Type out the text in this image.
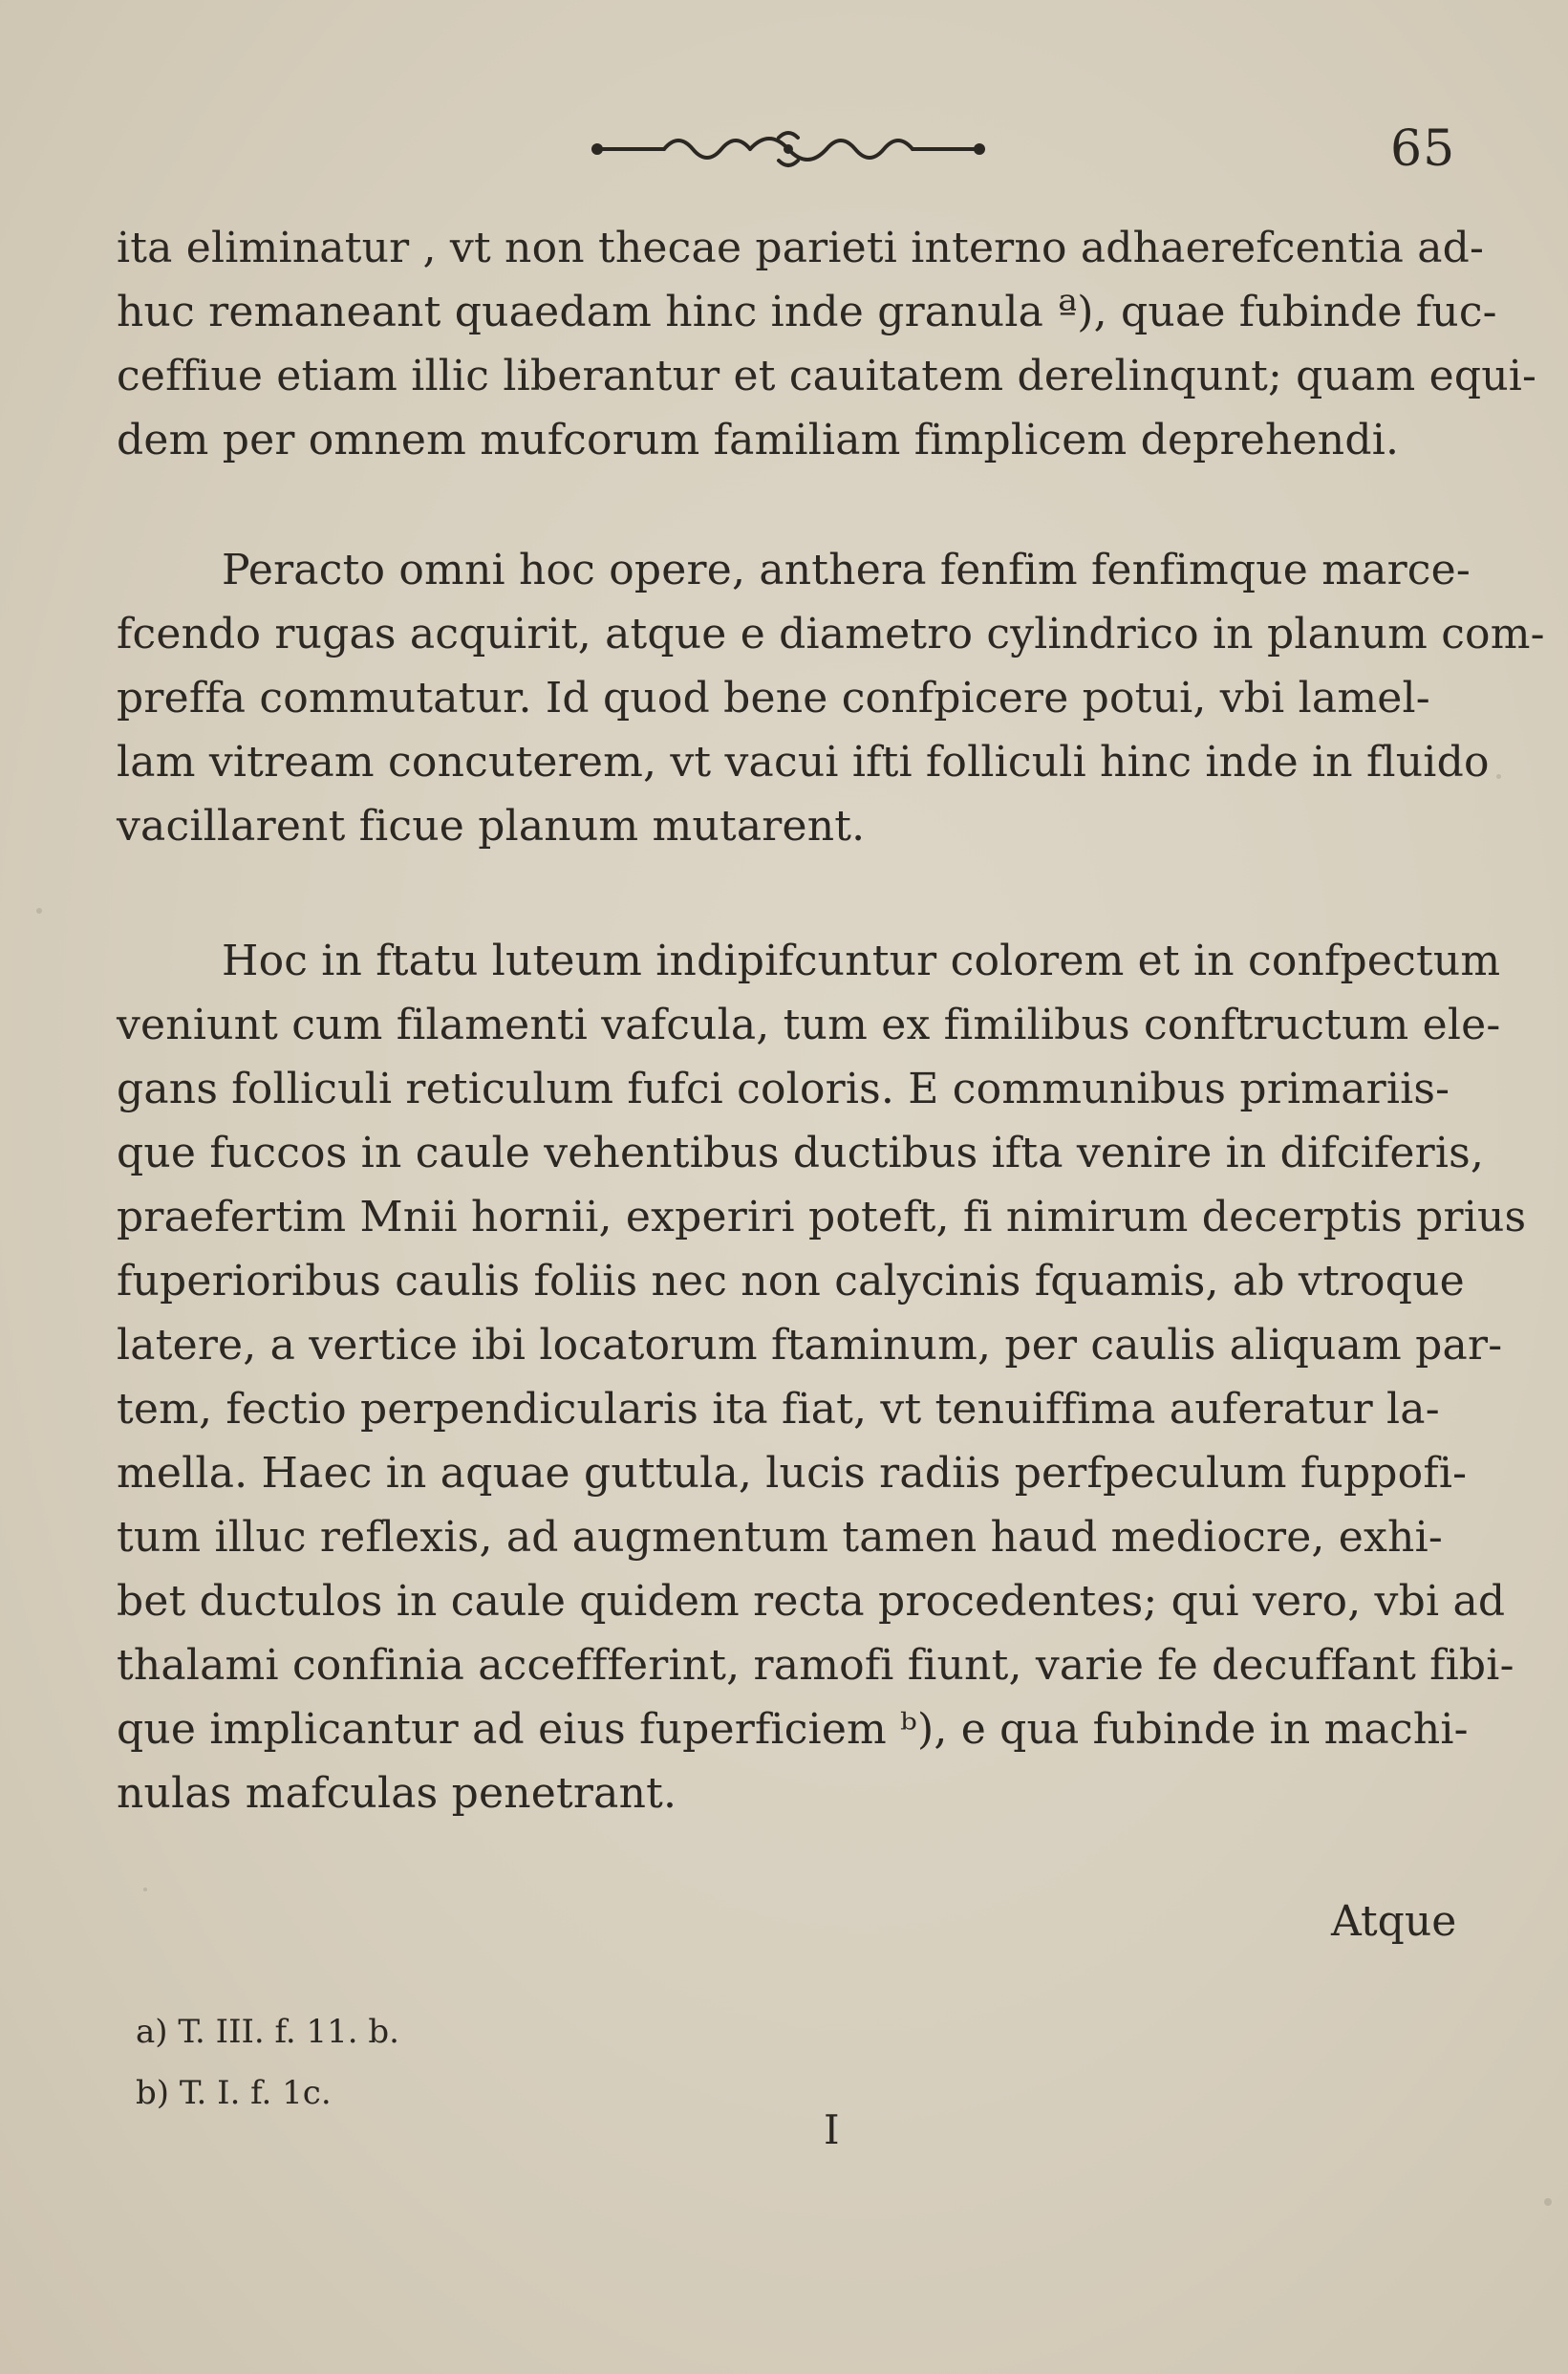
65
ita eliminatur , vt non thecae parieti interno adhaerefcentia ad-
huc remaneant quaedam hinc inde granula ª), quae fubinde fuc-
ceffiue etiam illic liberantur et cauitatem derelinqunt; quam equi-
dem per omnem mufcorum familiam fimplicem deprehendi.
Peracto omni hoc opere, anthera fenfim fenfimque marce-
fcendo rugas acquirit, atque e diametro cylindrico in planum com-
preffa commutatur. Id quod bene confpicere potui, vbi lamel-
lam vitream concuterem, vt vacui ifti folliculi hinc inde in fluido
vacillarent ficue planum mutarent.
Hoc in ftatu luteum indipifcuntur colorem et in confpectum
veniunt cum filamenti vafcula, tum ex fimilibus conftructum ele-
gans folliculi reticulum fufci coloris. E communibus primariis-
que fuccos in caule vehentibus ductibus ifta venire in difciferis,
praefertim Mnii hornii, experiri poteft, fi nimirum decerptis prius
fuperioribus caulis foliis nec non calycinis fquamis, ab vtroque
latere, a vertice ibi locatorum ftaminum, per caulis aliquam par-
tem, fectio perpendicularis ita fiat, vt tenuiffima auferatur la-
mella. Haec in aquae guttula, lucis radiis perfpeculum fuppofi-
tum illuc reflexis, ad augmentum tamen haud mediocre, exhi-
bet ductulos in caule quidem recta procedentes; qui vero, vbi ad
thalami confinia acceffferint, ramofi fiunt, varie fe decuffant fibi-
que implicantur ad eius fuperficiem ᵇ), e qua fubinde in machi-
nulas mafculas penetrant.
Atque
a) T. III. f. 11. b.
b) T. I. f. 1c.
I
